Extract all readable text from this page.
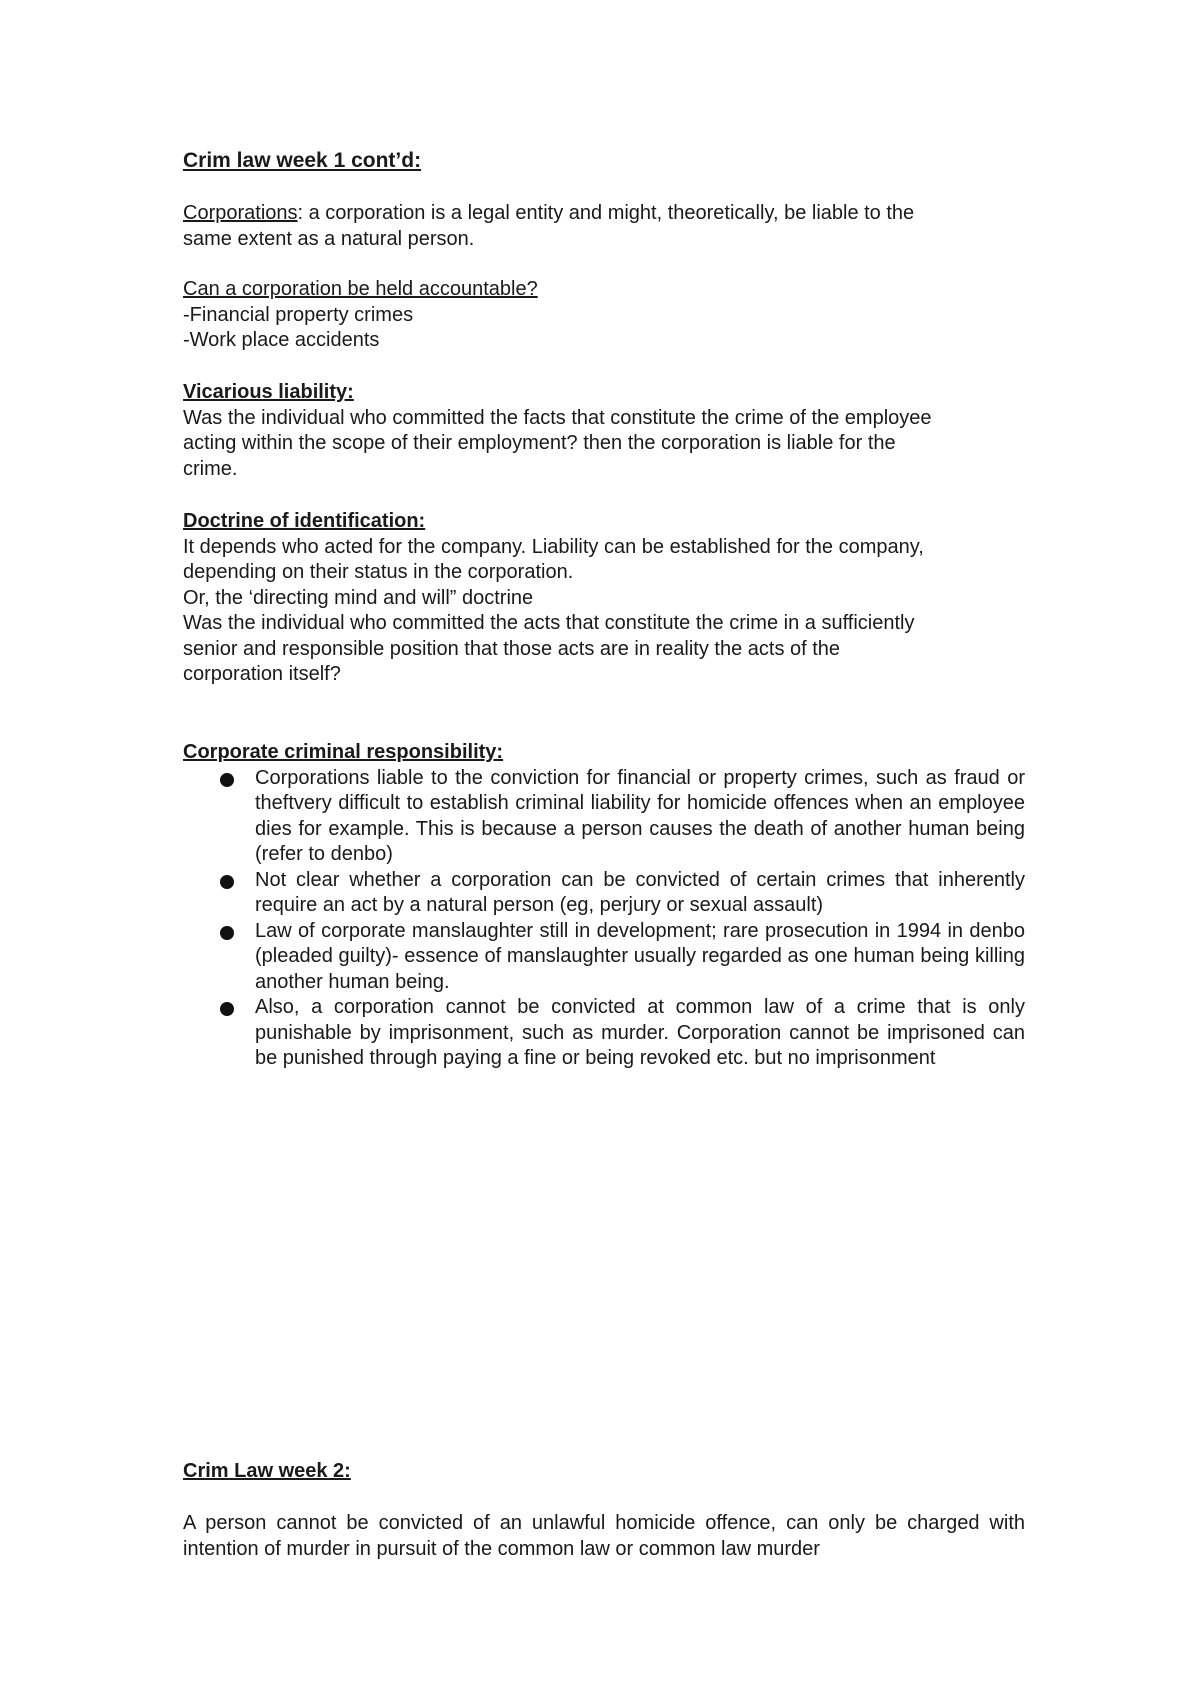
Crim law week 1 cont’d:
Corporations: a corporation is a legal entity and might, theoretically, be liable to the
same extent as a natural person.
Can a corporation be held accountable?
-Financial property crimes
-Work place accidents
Vicarious liability:
Was the individual who committed the facts that constitute the crime of the employee
acting within the scope of their employment? then the corporation is liable for the
crime.
Doctrine of identification:
It depends who acted for the company. Liability can be established for the company,
depending on their status in the corporation.
Or, the ‘directing mind and will” doctrine
Was the individual who committed the acts that constitute the crime in a sufficiently
senior and responsible position that those acts are in reality the acts of the
corporation itself?
Corporate criminal responsibility:
Corporations liable to the conviction for financial or property crimes, such as fraud or theftvery difficult to establish criminal liability for homicide offences when an employee dies for example. This is because a person causes the death of another human being (refer to denbo)
Not clear whether a corporation can be convicted of certain crimes that inherently require an act by a natural person (eg, perjury or sexual assault)
Law of corporate manslaughter still in development; rare prosecution in 1994 in denbo (pleaded guilty)- essence of manslaughter usually regarded as one human being killing another human being.
Also, a corporation cannot be convicted at common law of a crime that is only punishable by imprisonment, such as murder. Corporation cannot be imprisoned can be punished through paying a fine or being revoked etc. but no imprisonment
Crim Law week 2:
A person cannot be convicted of an unlawful homicide offence, can only be charged with intention of murder in pursuit of the common law or common law murder
